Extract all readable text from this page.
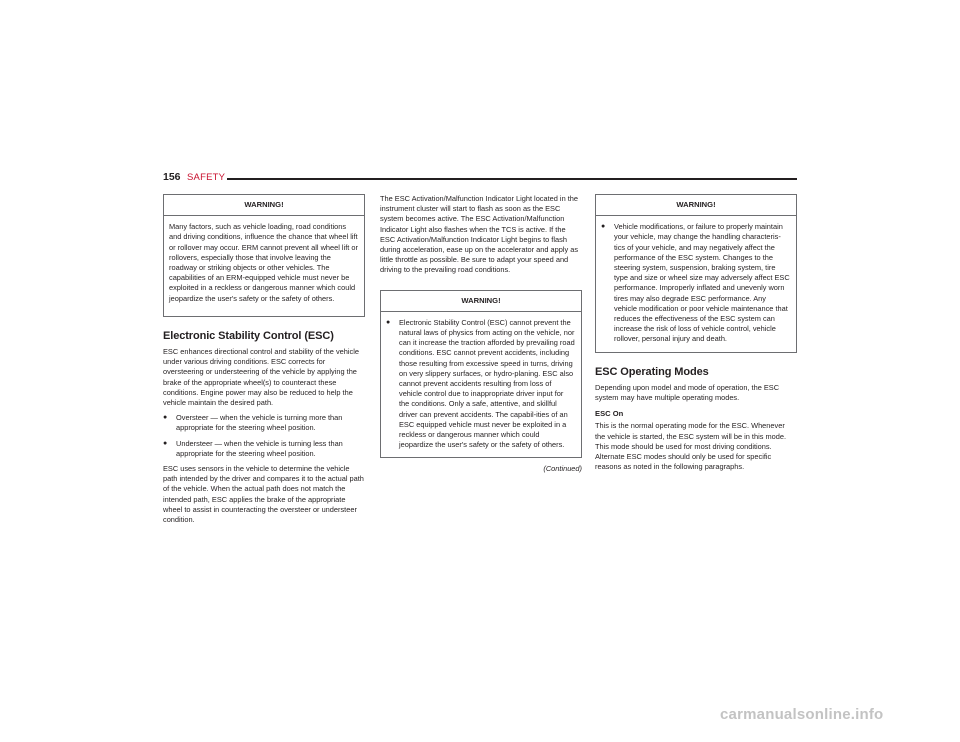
156 SAFETY
WARNING!

Many factors, such as vehicle loading, road conditions and driving conditions, influence the chance that wheel lift or rollover may occur. ERM cannot prevent all wheel lift or rollovers, especially those that involve leaving the roadway or striking objects or other vehicles. The capabilities of an ERM-equipped vehicle must never be exploited in a reckless or dangerous manner which could jeopardize the user's safety or the safety of others.

Electronic Stability Control (ESC)

ESC enhances directional control and stability of the vehicle under various driving conditions. ESC corrects for oversteering or understeering of the vehicle by applying the brake of the appropriate wheel(s) to counteract these conditions. Engine power may also be reduced to help the vehicle maintain the desired path.

● Oversteer — when the vehicle is turning more than appropriate for the steering wheel position.
● Understeer — when the vehicle is turning less than appropriate for the steering wheel position.

ESC uses sensors in the vehicle to determine the vehicle path intended by the driver and compares it to the actual path of the vehicle. When the actual path does not match the intended path, ESC applies the brake of the appropriate wheel to assist in counteracting the oversteer or understeer condition.

The ESC Activation/Malfunction Indicator Light located in the instrument cluster will start to flash as soon as the ESC system becomes active. The ESC Activation/Malfunction Indicator Light also flashes when the TCS is active. If the ESC Activation/Malfunction Indicator Light begins to flash during acceleration, ease up on the accelerator and apply as little throttle as possible. Be sure to adapt your speed and driving to the prevailing road conditions.

WARNING!
● Electronic Stability Control (ESC) cannot prevent the natural laws of physics from acting on the vehicle, nor can it increase the traction afforded by prevailing road conditions. ESC cannot prevent accidents, including those resulting from excessive speed in turns, driving on very slippery surfaces, or hydro-planing. ESC also cannot prevent accidents resulting from loss of vehicle control due to inappropriate driver input for the conditions. Only a safe, attentive, and skillful driver can prevent accidents. The capabil-ities of an ESC equipped vehicle must never be exploited in a reckless or dangerous manner which could jeopardize the user's safety or the safety of others.
(Continued)
WARNING!
● Vehicle modifications, or failure to properly maintain your vehicle, may change the handling characteris-tics of your vehicle, and may negatively affect the performance of the ESC system. Changes to the steering system, suspension, braking system, tire type and size or wheel size may adversely affect ESC performance. Improperly inflated and unevenly worn tires may also degrade ESC performance. Any vehicle modification or poor vehicle maintenance that reduces the effectiveness of the ESC system can increase the risk of loss of vehicle control, vehicle rollover, personal injury and death.
ESC Operating Modes

Depending upon model and mode of operation, the ESC system may have multiple operating modes.

ESC On

This is the normal operating mode for the ESC. Whenever the vehicle is started, the ESC system will be in this mode. This mode should be used for most driving conditions. Alternate ESC modes should only be used for specific reasons as noted in the following paragraphs.

carmanualsonline.info
